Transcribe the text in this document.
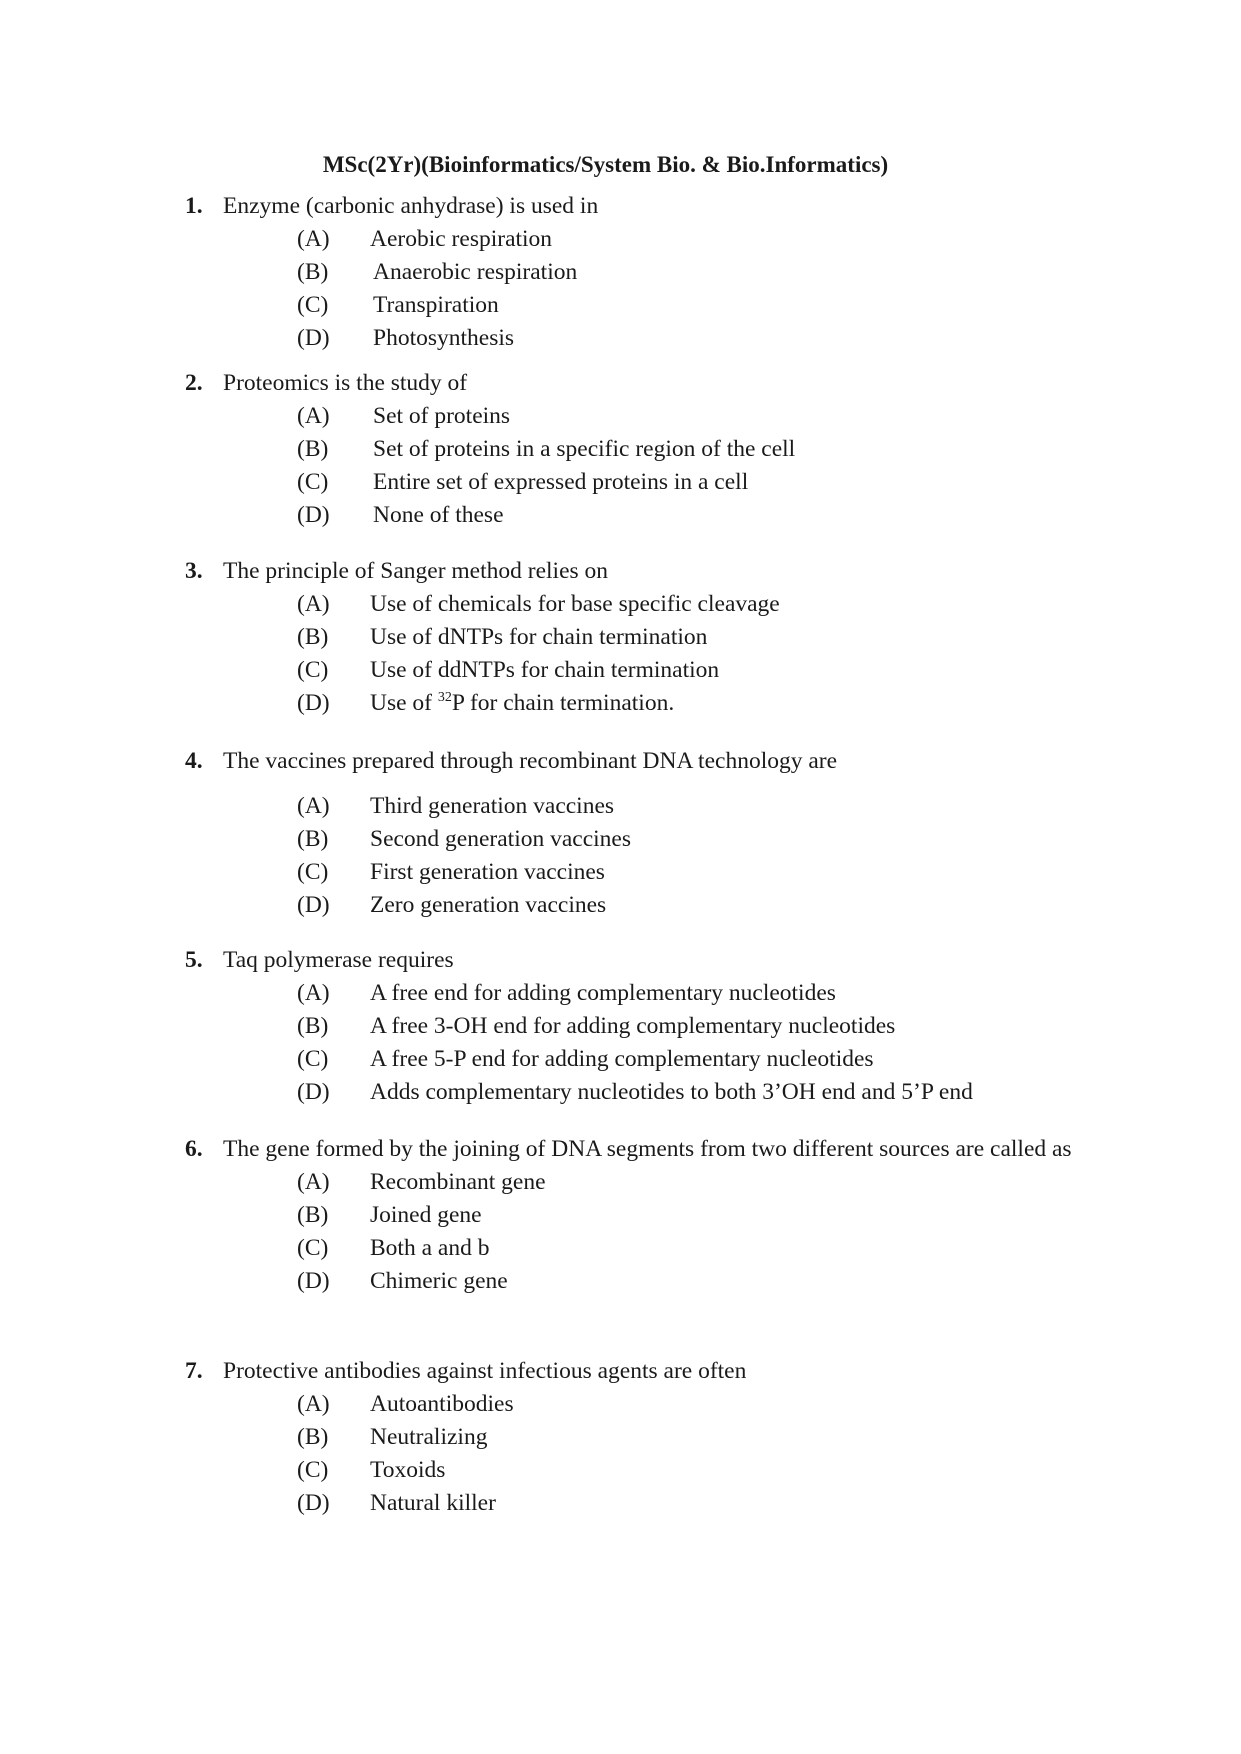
MSc(2Yr)(Bioinformatics/System Bio. & Bio.Informatics)
1. Enzyme (carbonic anhydrase) is used in
(A) Aerobic respiration
(B) Anaerobic respiration
(C) Transpiration
(D) Photosynthesis
2. Proteomics is the study of
(A) Set of proteins
(B) Set of proteins in a specific region of the cell
(C) Entire set of expressed proteins in a cell
(D) None of these
3. The principle of Sanger method relies on
(A) Use of chemicals for base specific cleavage
(B) Use of dNTPs for chain termination
(C) Use of ddNTPs for chain termination
(D) Use of $^{32}$P for chain termination.
4. The vaccines prepared through recombinant DNA technology are
(A) Third generation vaccines
(B) Second generation vaccines
(C) First generation vaccines
(D) Zero generation vaccines
5. Taq polymerase requires
(A) A free end for adding complementary nucleotides
(B) A free 3-OH end for adding complementary nucleotides
(C) A free 5-P end for adding complementary nucleotides
(D) Adds complementary nucleotides to both 3’OH end and 5’P end
6. The gene formed by the joining of DNA segments from two different sources are called as
(A) Recombinant gene
(B) Joined gene
(C) Both a and b
(D) Chimeric gene
7. Protective antibodies against infectious agents are often
(A) Autoantibodies
(B) Neutralizing
(C) Toxoids
(D) Natural killer
